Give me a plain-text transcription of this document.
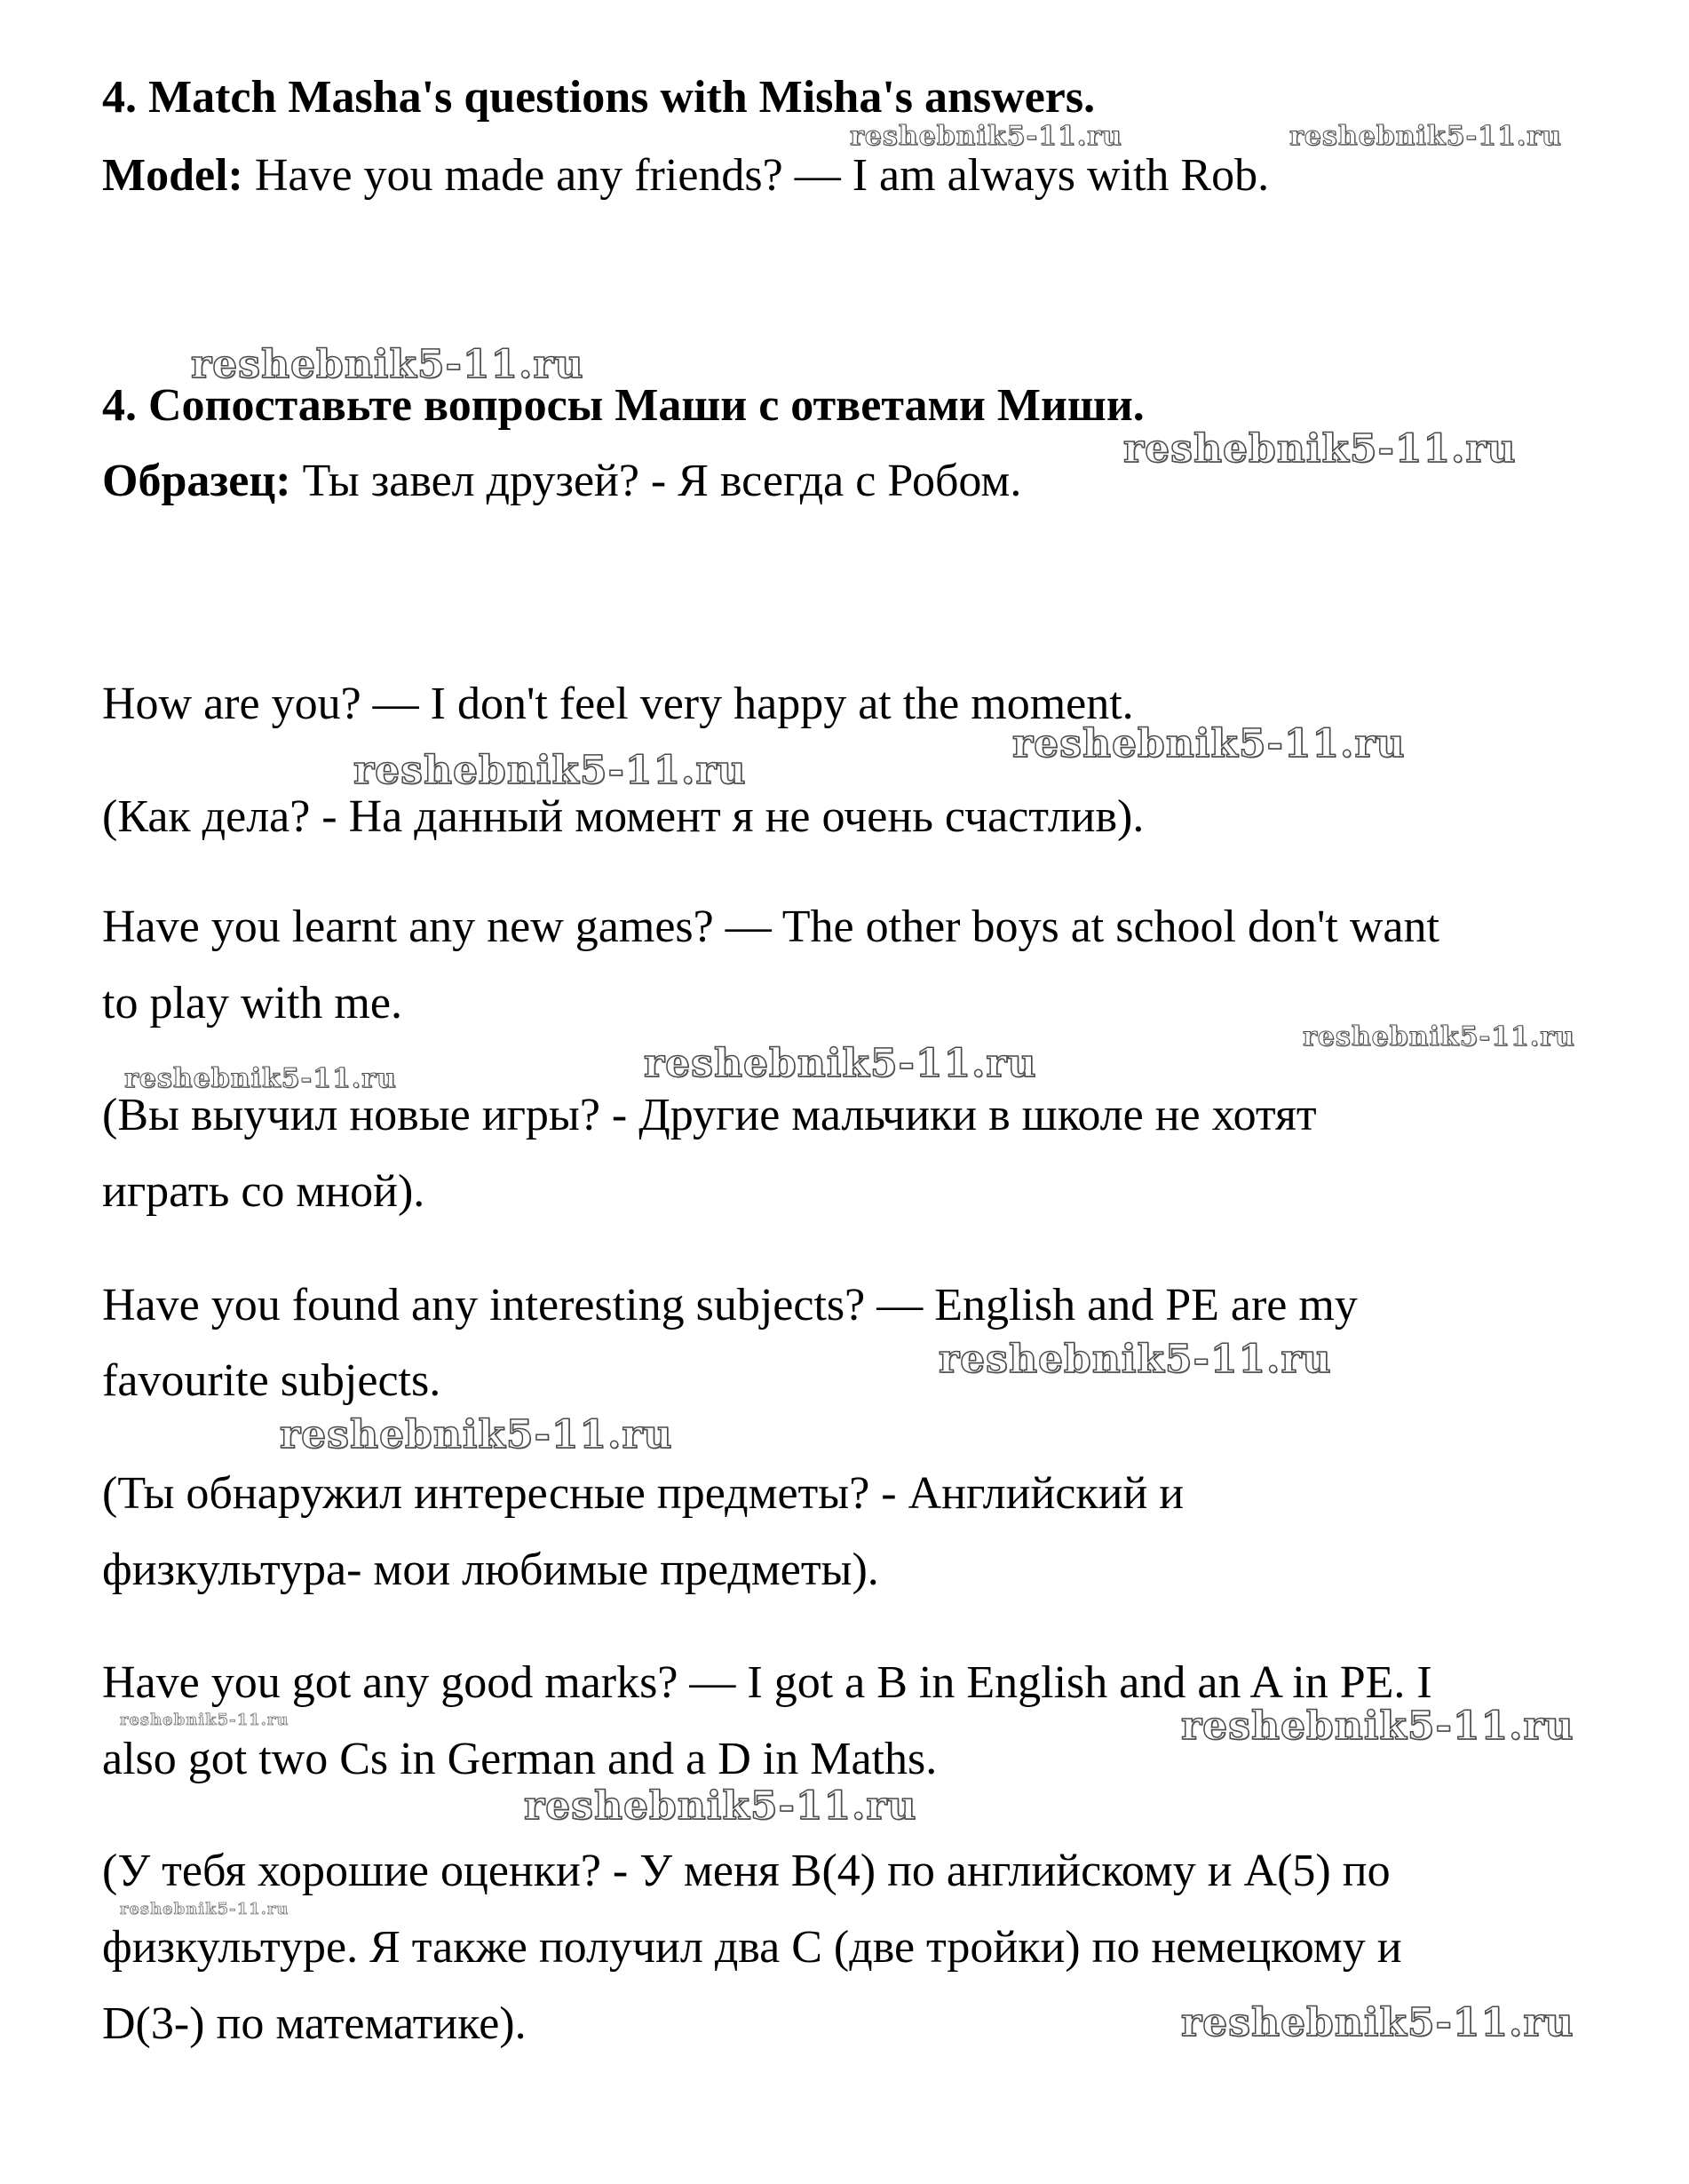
4. Match Masha's questions with Misha's answers.

Model: Have you made any friends? — I am always with Rob.

4. Сопоставьте вопросы Маши с ответами Миши.

Образец: Ты завел друзей? - Я всегда с Робом.

How are you? — I don't feel very happy at the moment.

(Как дела? - На данный момент я не очень счастлив).

Have you learnt any new games? — The other boys at school don't want

to play with me.

(Вы выучил новые игры? - Другие мальчики в школе не хотят

играть со мной).

Have you found any interesting subjects? — English and PE are my

favourite subjects.

(Ты обнаружил интересные предметы? - Английский и

физкультура- мои любимые предметы).

Have you got any good marks? — I got a B in English and an A in PE. I

also got two Cs in German and a D in Maths.

(У тебя хорошие оценки? - У меня B(4) по английскому и A(5) по

физкультуре. Я также получил два C (две тройки) по немецкому и

D(3-) по математике).

reshebnik5-11.ru	reshebnik5-11.ru

reshebnik5-11.ru

reshebnik5-11.ru

reshebnik5-11.ru

reshebnik5-11.ru

reshebnik5-11.ru

reshebnik5-11.ru	reshebnik5-11.ru

reshebnik5-11.ru

reshebnik5-11.ru

reshebnik5-11.ru	reshebnik5-11.ru

reshebnik5-11.ru

reshebnik5-11.ru

reshebnik5-11.ru
